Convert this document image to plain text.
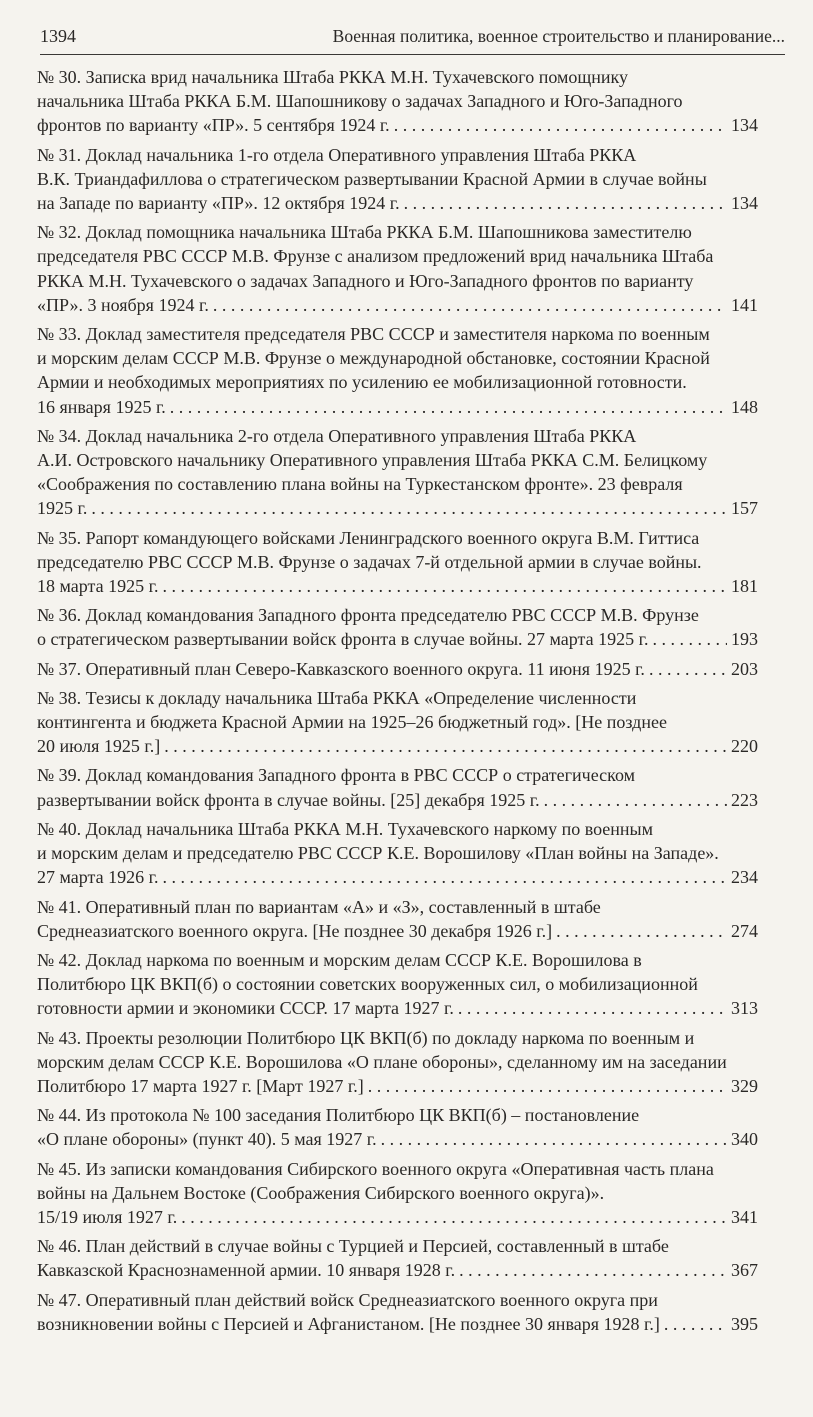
1394	Военная политика, военное строительство и планирование...
№ 30. Записка врид начальника Штаба РККА М.Н. Тухачевского помощнику
начальника Штаба РККА Б.М. Шапошникову о задачах Западного и Юго-Западного
фронтов по варианту «ПР». 5 сентября 1924 г. . . .	134
№ 31. Доклад начальника 1-го отдела Оперативного управления Штаба РККА
В.К. Триандафиллова о стратегическом развертывании Красной Армии в случае войны
на Западе по варианту «ПР». 12 октября 1924 г. . . .	134
№ 32. Доклад помощника начальника Штаба РККА Б.М. Шапошникова заместителю
председателя РВС СССР М.В. Фрунзе с анализом предложений врид начальника Штаба
РККА М.Н. Тухачевского о задачах Западного и Юго-Западного фронтов по варианту
«ПР». 3 ноября 1924 г. . . .	141
№ 33. Доклад заместителя председателя РВС СССР и заместителя наркома по военным
и морским делам СССР М.В. Фрунзе о международной обстановке, состоянии Красной
Армии и необходимых мероприятиях по усилению ее мобилизационной готовности.
16 января 1925 г. . . .	148
№ 34. Доклад начальника 2-го отдела Оперативного управления Штаба РККА
А.И. Островского начальнику Оперативного управления Штаба РККА С.М. Белицкому
«Соображения по составлению плана войны на Туркестанском фронте». 23 февраля
1925 г. . . .	157
№ 35. Рапорт командующего войсками Ленинградского военного округа В.М. Гиттиса
председателю РВС СССР М.В. Фрунзе о задачах 7-й отдельной армии в случае войны.
18 марта 1925 г. . . .	181
№ 36. Доклад командования Западного фронта председателю РВС СССР М.В. Фрунзе
о стратегическом развертывании войск фронта в случае войны. 27 марта 1925 г. . . .	193
№ 37. Оперативный план Северо-Кавказского военного округа. 11 июня 1925 г. . . .	203
№ 38. Тезисы к докладу начальника Штаба РККА «Определение численности
контингента и бюджета Красной Армии на 1925–26 бюджетный год». [Не позднее
20 июля 1925 г.] . . .	220
№ 39. Доклад командования Западного фронта в РВС СССР о стратегическом
развертывании войск фронта в случае войны. [25] декабря 1925 г. . . .	223
№ 40. Доклад начальника Штаба РККА М.Н. Тухачевского наркому по военным
и морским делам и председателю РВС СССР К.Е. Ворошилову «План войны на Западе».
27 марта 1926 г. . . .	234
№ 41. Оперативный план по вариантам «А» и «З», составленный в штабе
Среднеазиатского военного округа. [Не позднее 30 декабря 1926 г.] . . .	274
№ 42. Доклад наркома по военным и морским делам СССР К.Е. Ворошилова в
Политбюро ЦК ВКП(б) о состоянии советских вооруженных сил, о мобилизационной
готовности армии и экономики СССР. 17 марта 1927 г. . . .	313
№ 43. Проекты резолюции Политбюро ЦК ВКП(б) по докладу наркома по военным и
морским делам СССР К.Е. Ворошилова «О плане обороны», сделанному им на заседании
Политбюро 17 марта 1927 г. [Март 1927 г.] . . .	329
№ 44. Из протокола № 100 заседания Политбюро ЦК ВКП(б) – постановление
«О плане обороны» (пункт 40). 5 мая 1927 г. . . .	340
№ 45. Из записки командования Сибирского военного округа «Оперативная часть плана
войны на Дальнем Востоке (Соображения Сибирского военного округа)».
15/19 июля 1927 г. . . .	341
№ 46. План действий в случае войны с Турцией и Персией, составленный в штабе
Кавказской Краснознаменной армии. 10 января 1928 г. . . .	367
№ 47. Оперативный план действий войск Среднеазиатского военного округа при
возникновении войны с Персией и Афганистаном. [Не позднее 30 января 1928 г.] . . .	395
